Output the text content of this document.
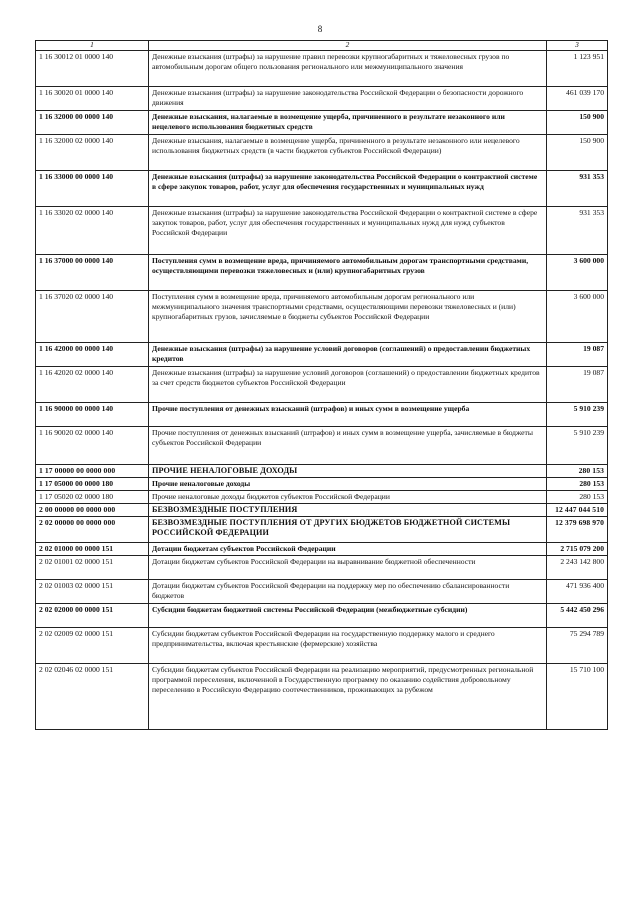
8
1	2	3
1 16 30012 01 0000 140	Денежные взыскания (штрафы) за нарушение правил перевозки крупногабаритных и тяжеловесных грузов по автомобильным дорогам общего пользования регионального или межмуниципального значения	1 123 951
1 16 30020 01 0000 140	Денежные взыскания (штрафы) за нарушение законодательства Российской Федерации о безопасности дорожного движения	461 039 170
1 16 32000 00 0000 140	Денежные взыскания, налагаемые в возмещение ущерба, причиненного в результате незаконного или нецелевого использования бюджетных средств	150 900
1 16 32000 02 0000 140	Денежные взыскания, налагаемые в возмещение ущерба, причиненного в результате незаконного или нецелевого использования бюджетных средств (в части бюджетов субъектов Российской Федерации)	150 900
1 16 33000 00 0000 140	Денежные взыскания (штрафы) за нарушение законодательства Российской Федерации о контрактной системе в сфере закупок товаров, работ, услуг для обеспечения государственных и муниципальных нужд	931 353
1 16 33020 02 0000 140	Денежные взыскания (штрафы) за нарушение законодательства Российской Федерации о контрактной системе в сфере закупок товаров, работ, услуг для обеспечения государственных и муниципальных нужд для нужд субъектов Российской Федерации	931 353
1 16 37000 00 0000 140	Поступления сумм в возмещение вреда, причиняемого автомобильным дорогам транспортными средствами, осуществляющими перевозки тяжеловесных и (или) крупногабаритных грузов	3 600 000
1 16 37020 02 0000 140	Поступления сумм в возмещение вреда, причиняемого автомобильным дорогам регионального или межмуниципального значения транспортными средствами, осуществляющими перевозки тяжеловесных и (или) крупногабаритных грузов, зачисляемые в бюджеты субъектов Российской Федерации	3 600 000
1 16 42000 00 0000 140	Денежные взыскания (штрафы) за нарушение условий договоров (соглашений) о предоставлении бюджетных кредитов	19 087
1 16 42020 02 0000 140	Денежные взыскания (штрафы) за нарушение условий договоров (соглашений) о предоставлении бюджетных кредитов за счет средств бюджетов субъектов Российской Федерации	19 087
1 16 90000 00 0000 140	Прочие поступления от денежных взысканий (штрафов) и иных сумм в возмещение ущерба	5 910 239
1 16 90020 02 0000 140	Прочие поступления от денежных взысканий (штрафов) и иных сумм в возмещение ущерба, зачисляемые в бюджеты субъектов Российской Федерации	5 910 239
1 17 00000 00 0000 000	ПРОЧИЕ НЕНАЛОГОВЫЕ ДОХОДЫ	280 153
1 17 05000 00 0000 180	Прочие неналоговые доходы	280 153
1 17 05020 02 0000 180	Прочие неналоговые доходы бюджетов субъектов Российской Федерации	280 153
2 00 00000 00 0000 000	БЕЗВОЗМЕЗДНЫЕ ПОСТУПЛЕНИЯ	12 447 044 510
2 02 00000 00 0000 000	БЕЗВОЗМЕЗДНЫЕ ПОСТУПЛЕНИЯ ОТ ДРУГИХ БЮДЖЕТОВ БЮДЖЕТНОЙ СИСТЕМЫ РОССИЙСКОЙ ФЕДЕРАЦИИ	12 379 698 970
2 02 01000 00 0000 151	Дотации бюджетам субъектов Российской Федерации	2 715 079 200
2 02 01001 02 0000 151	Дотации бюджетам субъектов Российской Федерации на выравнивание бюджетной обеспеченности	2 243 142 800
2 02 01003 02 0000 151	Дотации бюджетам субъектов Российской Федерации на поддержку мер по обеспечению сбалансированности бюджетов	471 936 400
2 02 02000 00 0000 151	Субсидии бюджетам бюджетной системы Российской Федерации (межбюджетные субсидии)	5 442 450 296
2 02 02009 02 0000 151	Субсидии бюджетам субъектов Российской Федерации на государственную поддержку малого и среднего предпринимательства, включая крестьянские (фермерские) хозяйства	75 294 789
2 02 02046 02 0000 151	Субсидии бюджетам субъектов Российской Федерации на реализацию мероприятий, предусмотренных региональной программой переселения, включенной в Государственную программу по оказанию содействия добровольному переселению в Российскую Федерацию соотечественников, проживающих за рубежом	15 710 100
